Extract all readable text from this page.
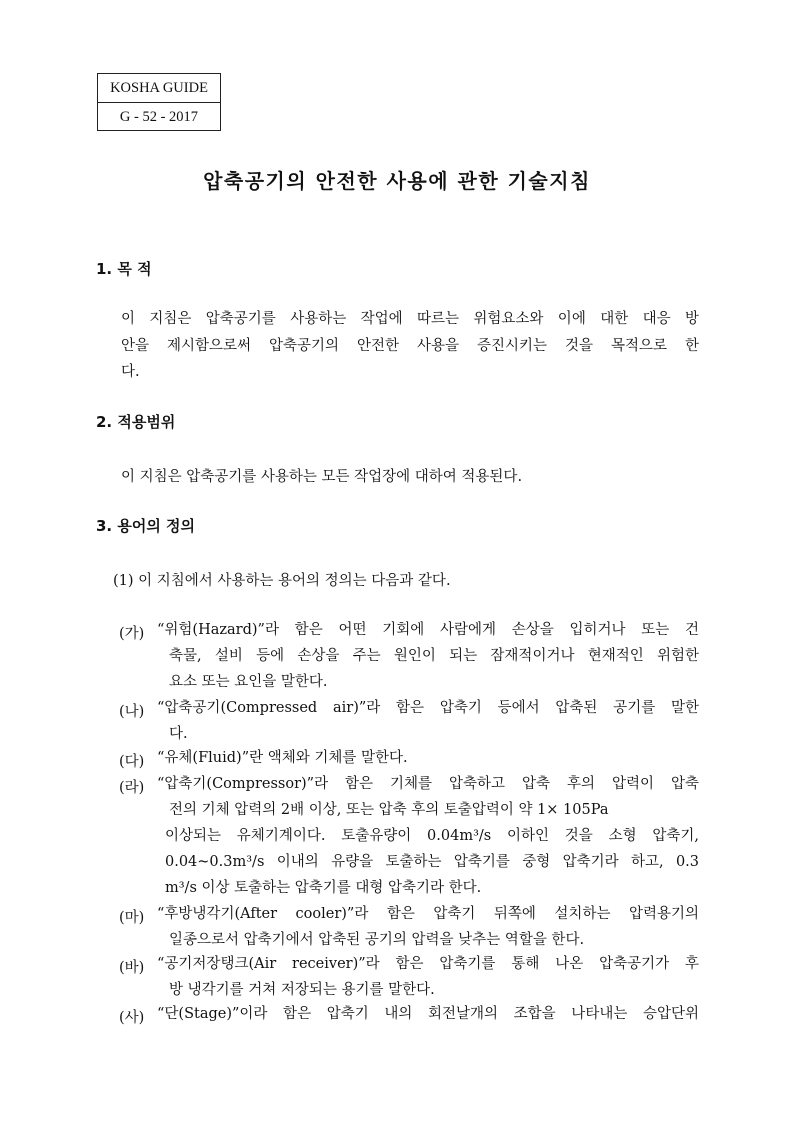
KOSHA GUIDE
G - 52 - 2017
압축공기의 안전한 사용에 관한 기술지침
1. 목 적
이 지침은 압축공기를 사용하는 작업에 따르는 위험요소와 이에 대한 대응 방
안을 제시함으로써 압축공기의 안전한 사용을 증진시키는 것을 목적으로 한
다.
2. 적용범위
이 지침은 압축공기를 사용하는 모든 작업장에 대하여 적용된다.
3. 용어의 정의
(1) 이 지침에서 사용하는 용어의 정의는 다음과 같다.
(가) “위험(Hazard)”라 함은 어떤 기회에 사람에게 손상을 입히거나 또는 건
축물, 설비 등에 손상을 주는 원인이 되는 잠재적이거나 현재적인 위험한
요소 또는 요인을 말한다.
(나) “압축공기(Compressed air)”라 함은 압축기 등에서 압축된 공기를 말한
다.
(다) “유체(Fluid)”란 액체와 기체를 말한다.
(라) “압축기(Compressor)”라 함은 기체를 압축하고 압축 후의 압력이 압축
전의 기체 압력의 2배 이상, 또는 압축 후의 토출압력이 약 1× 105Pa
이상되는 유체기계이다. 토출유량이 0.04m³/s 이하인 것을 소형 압축기,
0.04~0.3m³/s 이내의 유량을 토출하는 압축기를 중형 압축기라 하고, 0.3
m³/s 이상 토출하는 압축기를 대형 압축기라 한다.
(마) “후방냉각기(After cooler)”라 함은 압축기 뒤쪽에 설치하는 압력용기의
일종으로서 압축기에서 압축된 공기의 압력을 낮추는 역할을 한다.
(바) “공기저장탱크(Air receiver)”라 함은 압축기를 통해 나온 압축공기가 후
방 냉각기를 거쳐 저장되는 용기를 말한다.
(사) “단(Stage)”이라 함은 압축기 내의 회전날개의 조합을 나타내는 승압단위
